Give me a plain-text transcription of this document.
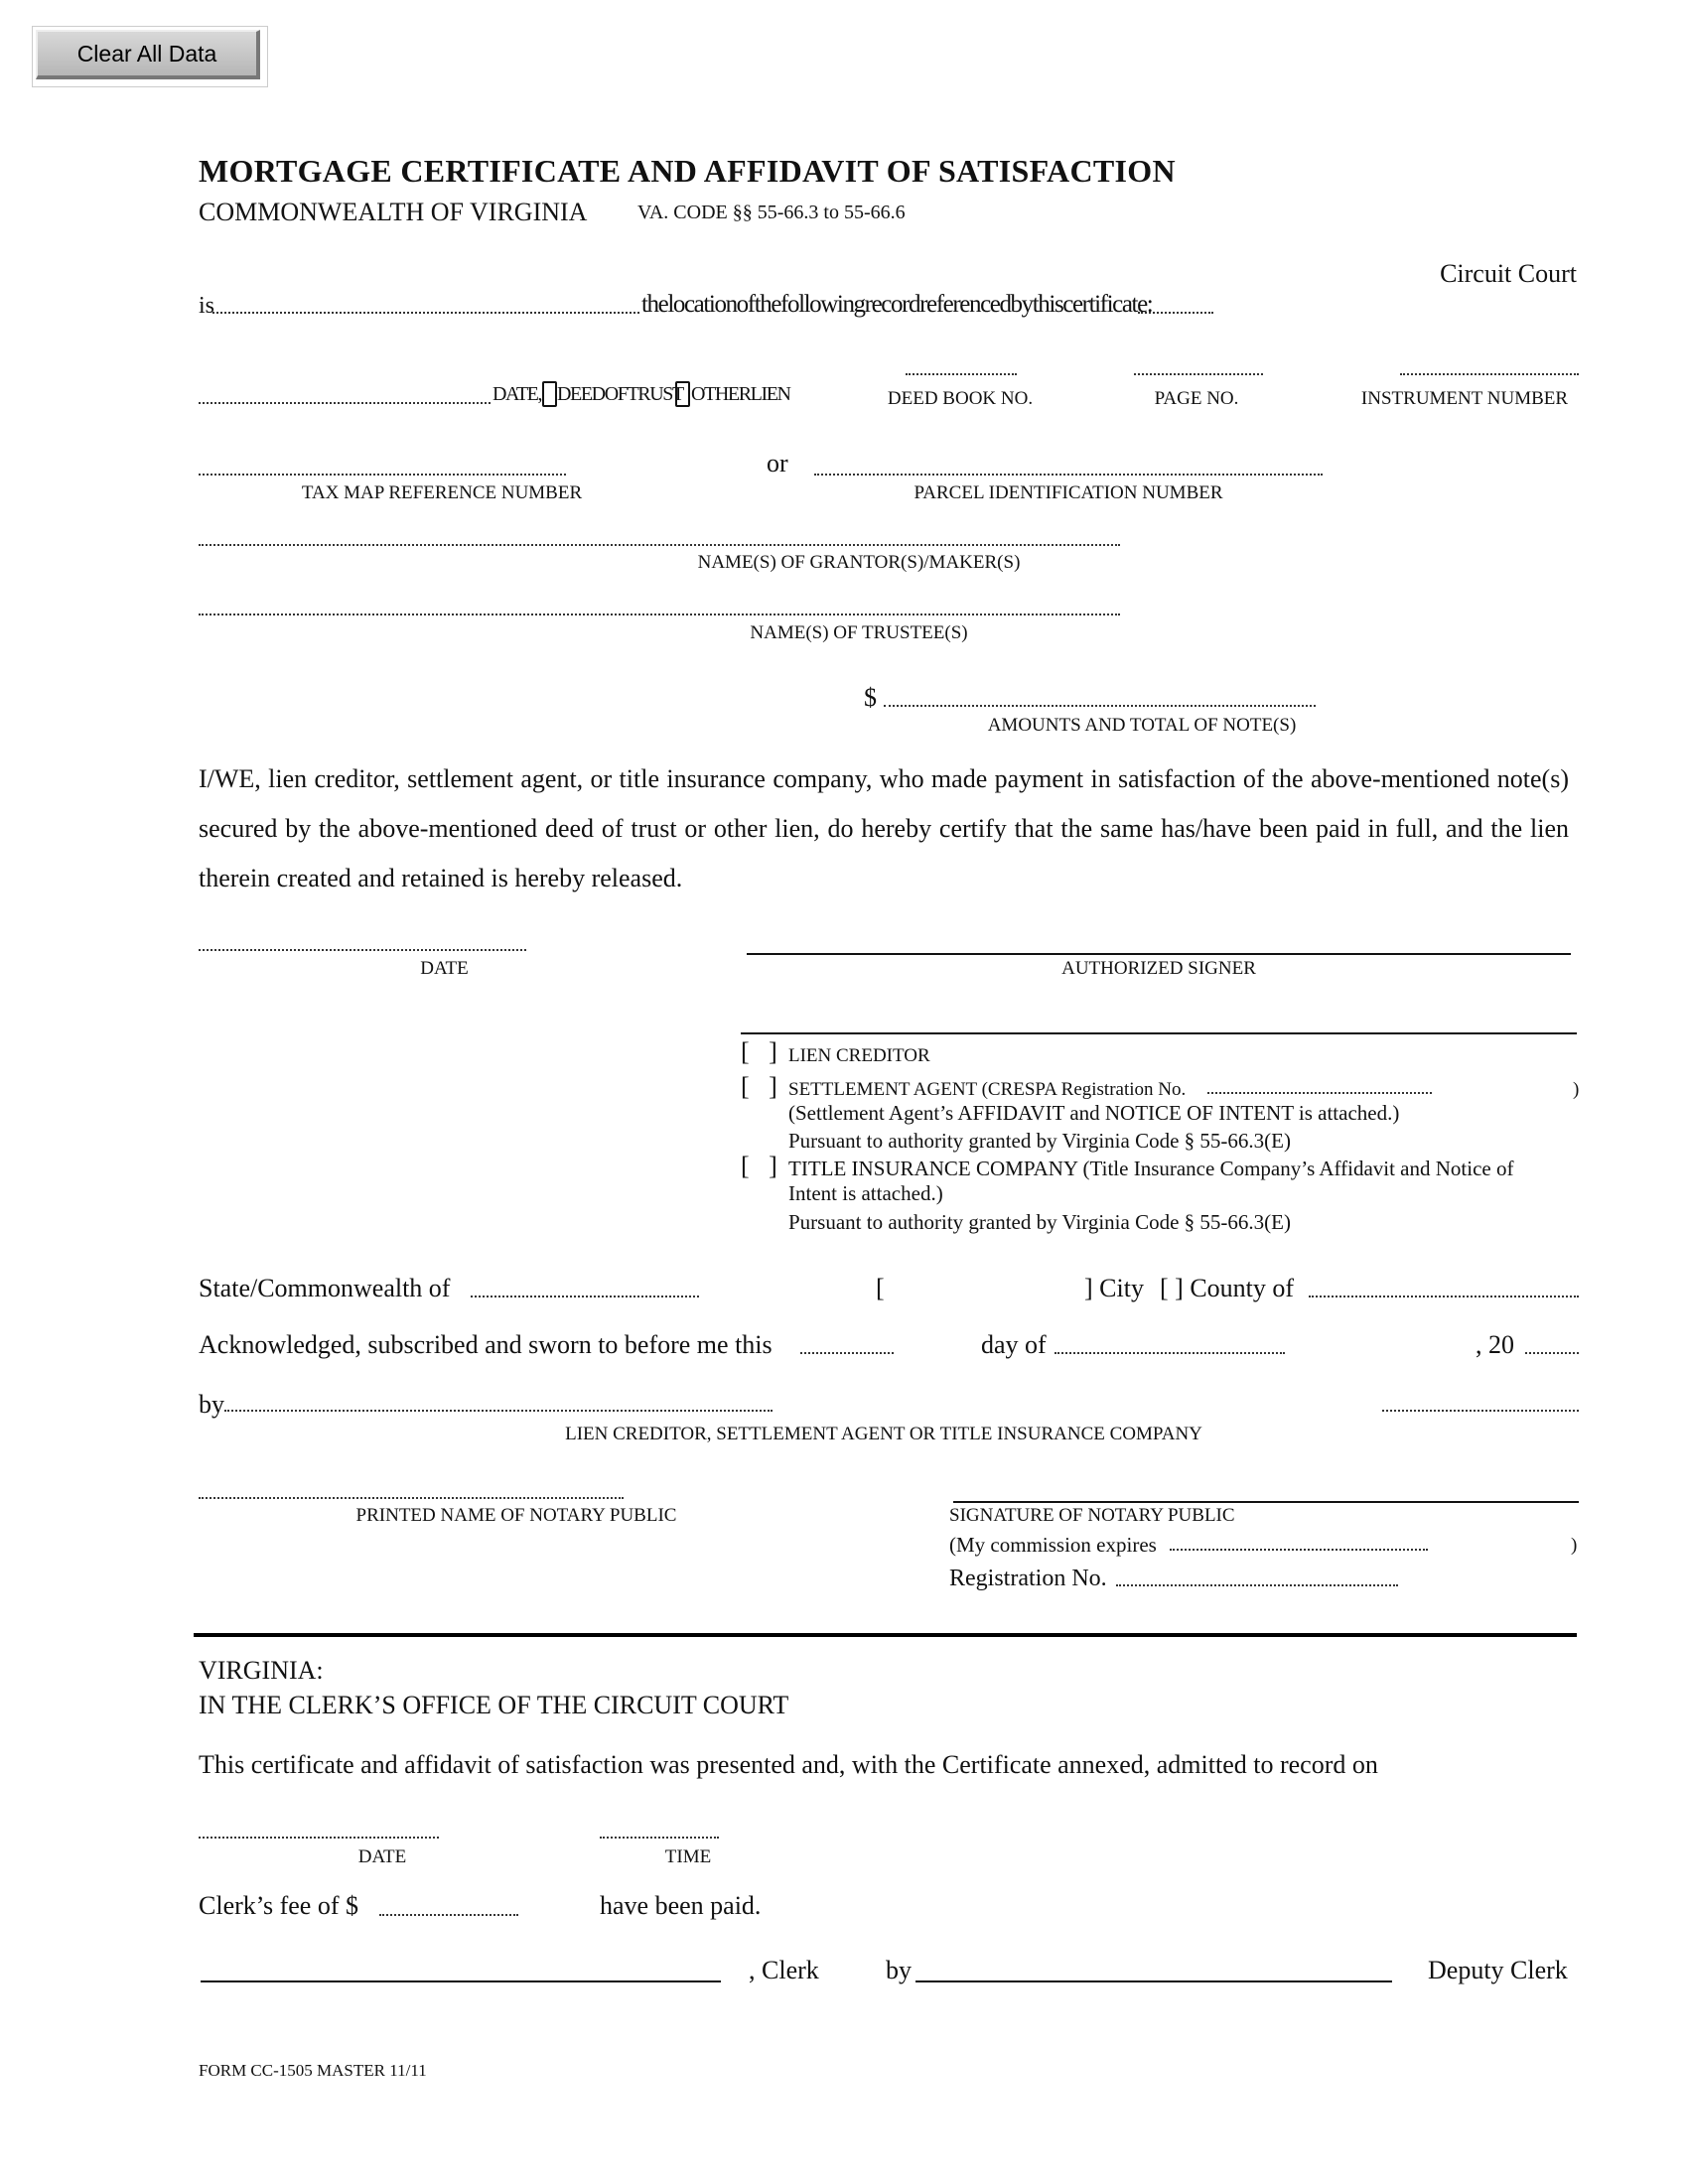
Clear All Data
MORTGAGE CERTIFICATE AND AFFIDAVIT OF SATISFACTION
COMMONWEALTH OF VIRGINIA	VA. CODE §§ 55-66.3 to 55-66.6
Circuit Court
is	thelocationofthefollowingrecordreferencedbythiscertificate:
DATE, DEEDOFTRUST OTHERLIEN	DEED BOOK NO.	PAGE NO.	INSTRUMENT NUMBER
TAX MAP REFERENCE NUMBER
or
PARCEL IDENTIFICATION NUMBER
NAME(S) OF GRANTOR(S)/MAKER(S)
NAME(S) OF TRUSTEE(S)
$
AMOUNTS AND TOTAL OF NOTE(S)
I/WE, lien creditor, settlement agent, or title insurance company, who made payment in satisfaction of the above-mentioned note(s) secured by the above-mentioned deed of trust or other lien, do hereby certify that the same has/have been paid in full, and the lien therein created and retained is hereby released.
DATE	AUTHORIZED SIGNER
[   ] LIEN CREDITOR
[   ] SETTLEMENT AGENT (CRESPA Registration No.	)
(Settlement Agent’s AFFIDAVIT and NOTICE OF INTENT is attached.)
Pursuant to authority granted by Virginia Code § 55-66.3(E)
[   ] TITLE INSURANCE COMPANY (Title Insurance Company’s Affidavit and Notice of
Intent is attached.)
Pursuant to authority granted by Virginia Code § 55-66.3(E)
State/Commonwealth of	[	] City [ ] County of
Acknowledged, subscribed and sworn to before me this	day of	, 20
by
LIEN CREDITOR, SETTLEMENT AGENT OR TITLE INSURANCE COMPANY
PRINTED NAME OF NOTARY PUBLIC	SIGNATURE OF NOTARY PUBLIC
(My commission expires	)
Registration No.
VIRGINIA:
IN THE CLERK’S OFFICE OF THE CIRCUIT COURT
This certificate and affidavit of satisfaction was presented and, with the Certificate annexed, admitted to record on
DATE	TIME
Clerk’s fee of $	have been paid.
, Clerk	by	Deputy Clerk
FORM CC-1505 MASTER 11/11
